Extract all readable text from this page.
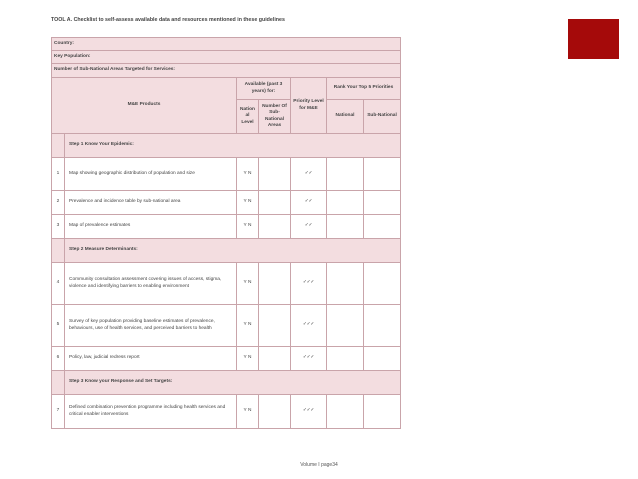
TOOL A. Checklist to self-assess available data and resources mentioned in these guidelines
Country:						
Key Population:						
Number of Sub-National Areas Targeted for Services:						
M&E Products		Available (past 3 years) for:		Priority Level for M&E	Rank Your Top 5 Priorities	
		Nation al Level	Number Of Sub-National Areas		National	Sub-National
	Step 1 Know Your Epidemic:					
1	Map showing geographic distribution of population and size	Y N		✓✓		
2	Prevalence and incidence table by sub-national area	Y N		✓✓		
3	Map of prevalence estimates	Y N		✓✓		
	Step 2 Measure Determinants:					
4	Community consultation assessment covering issues of access, stigma, violence and identifying barriers to enabling environment	Y N		✓✓✓		
5	Survey of key population providing baseline estimates of prevalence, behaviours, use of health services, and perceived barriers to health	Y N		✓✓✓		
6	Policy, law, judicial redress report	Y N		✓✓✓		
	Step 3 Know your Response and Set Targets:					
7	Defined combination prevention programme including health services and critical enabler interventions	Y N		✓✓✓		
Volume I page34
